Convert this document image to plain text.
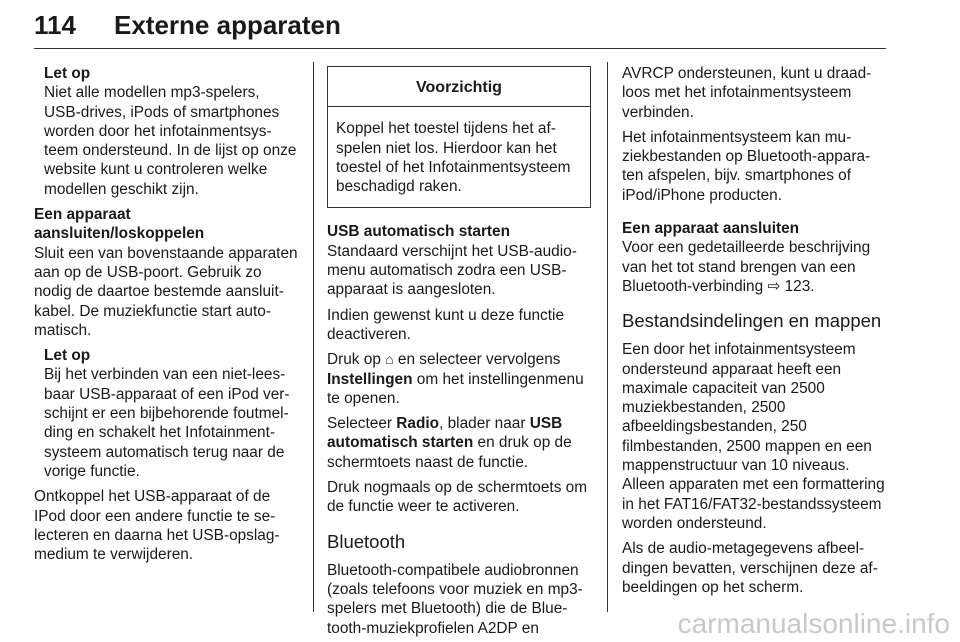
114 Externe apparaten

Let op

Niet alle modellen mp3-spelers, USB-drives, iPods of smartphones worden door het infotainmentsysteem ondersteund. In de lijst op onze website kunt u controleren welke modellen geschikt zijn.

Een apparaat aansluiten/loskoppelen

Sluit een van bovenstaande apparaten aan op de USB-poort. Gebruik zo nodig de daartoe bestemde aansluitkabel. De muziekfunctie start automatisch.

Let op

Bij het verbinden van een niet-leesbaar USB-apparaat of een iPod verschijnt er een bijbehorende foutmelding en schakelt het Infotainmentsysteem automatisch terug naar de vorige functie.

Ontkoppel het USB-apparaat of de IPod door een andere functie te selecteren en daarna het USB-opslagmedium te verwijderen.

Voorzichtig
Koppel het toestel tijdens het afspelen niet los. Hierdoor kan het toestel of het Infotainmentsysteem beschadigd raken.

USB automatisch starten

Standaard verschijnt het USB-audiomenu automatisch zodra een USB-apparaat is aangesloten.

Indien gewenst kunt u deze functie deactiveren.

Druk op ⌂ en selecteer vervolgens Instellingen om het instellingenmenu te openen.

Selecteer Radio, blader naar USB automatisch starten en druk op de schermtoets naast de functie.

Druk nogmaals op de schermtoets om de functie weer te activeren.

Bluetooth

Bluetooth-compatibele audiobronnen (zoals telefoons voor muziek en mp3-spelers met Bluetooth) die de Bluetooth-muziekprofielen A2DP en

AVRCP ondersteunen, kunt u draadloos met het infotainmentsysteem verbinden.

Het infotainmentsysteem kan muziekbestanden op Bluetooth-apparaten afspelen, bijv. smartphones of iPod/iPhone producten.

Een apparaat aansluiten

Voor een gedetailleerde beschrijving van het tot stand brengen van een Bluetooth-verbinding ⇨ 123.

Bestandsindelingen en mappen

Een door het infotainmentsysteem ondersteund apparaat heeft een maximale capaciteit van 2500 muziekbestanden, 2500 afbeeldingsbestanden, 250 filmbestanden, 2500 mappen en een mappenstructuur van 10 niveaus. Alleen apparaten met een formattering in het FAT16/FAT32-bestandssysteem worden ondersteund.

Als de audio-metagegevens afbeeldingen bevatten, verschijnen deze afbeeldingen op het scherm.

carmanualsonline.info
